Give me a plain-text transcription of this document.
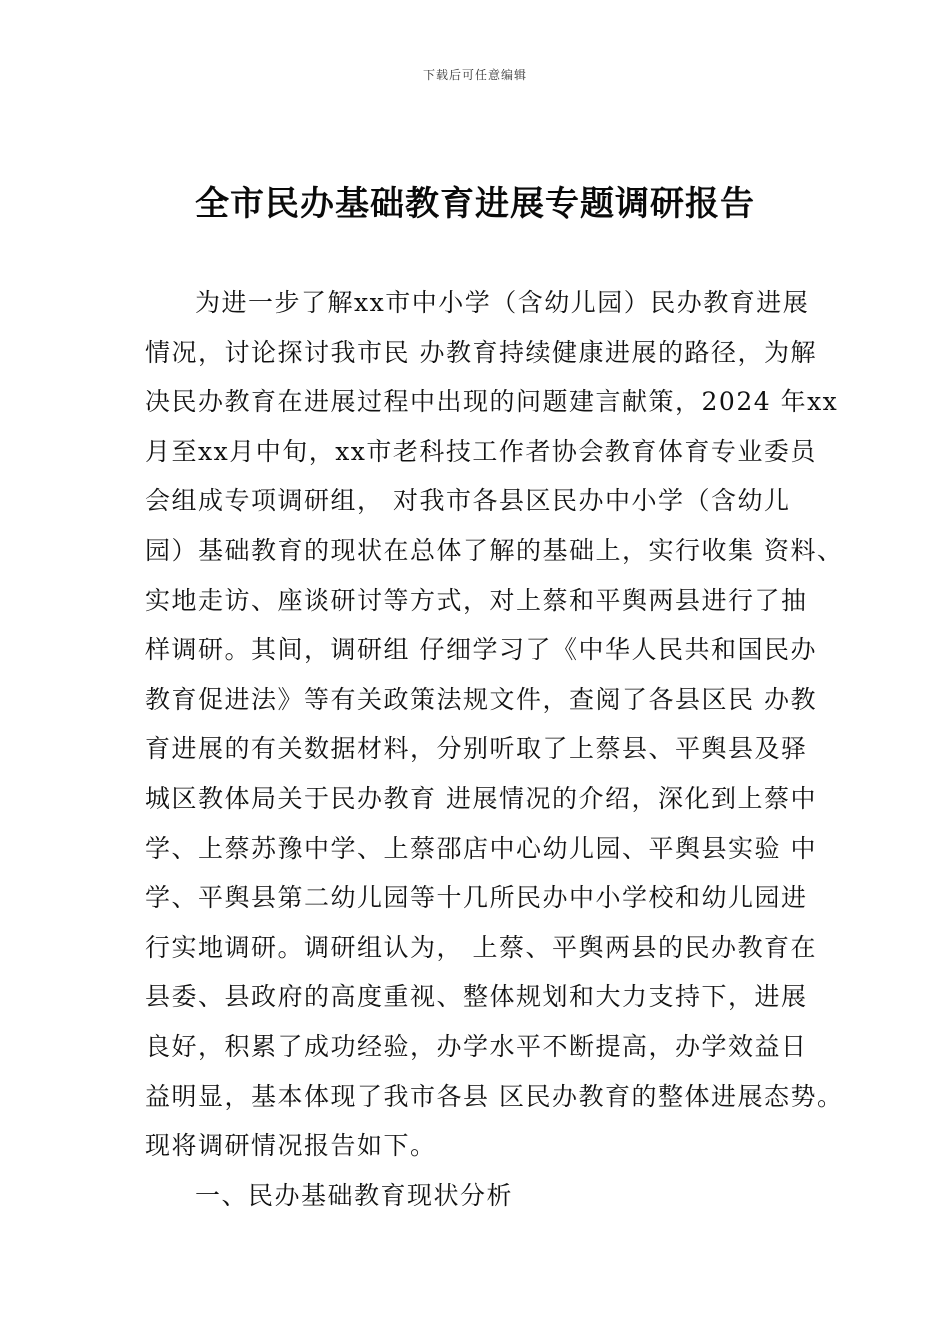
下载后可任意编辑
全市民办基础教育进展专题调研报告
为进一步了解xx市中小学（含幼儿园）民办教育进展
情况，讨论探讨我市民 办教育持续健康进展的路径，为解
决民办教育在进展过程中出现的问题建言献策，2024 年xx
月至xx月中旬，xx市老科技工作者协会教育体育专业委员
会组成专项调研组， 对我市各县区民办中小学（含幼儿
园）基础教育的现状在总体了解的基础上，实行收集 资料、
实地走访、座谈研讨等方式，对上蔡和平舆两县进行了抽
样调研。其间，调研组 仔细学习了《中华人民共和国民办
教育促进法》等有关政策法规文件，查阅了各县区民 办教
育进展的有关数据材料，分别听取了上蔡县、平舆县及驿
城区教体局关于民办教育 进展情况的介绍，深化到上蔡中
学、上蔡苏豫中学、上蔡邵店中心幼儿园、平舆县实验 中
学、平舆县第二幼儿园等十几所民办中小学校和幼儿园进
行实地调研。调研组认为， 上蔡、平舆两县的民办教育在
县委、县政府的高度重视、整体规划和大力支持下，进展
良好，积累了成功经验，办学水平不断提高，办学效益日
益明显，基本体现了我市各县 区民办教育的整体进展态势。
现将调研情况报告如下。
一、民办基础教育现状分析
